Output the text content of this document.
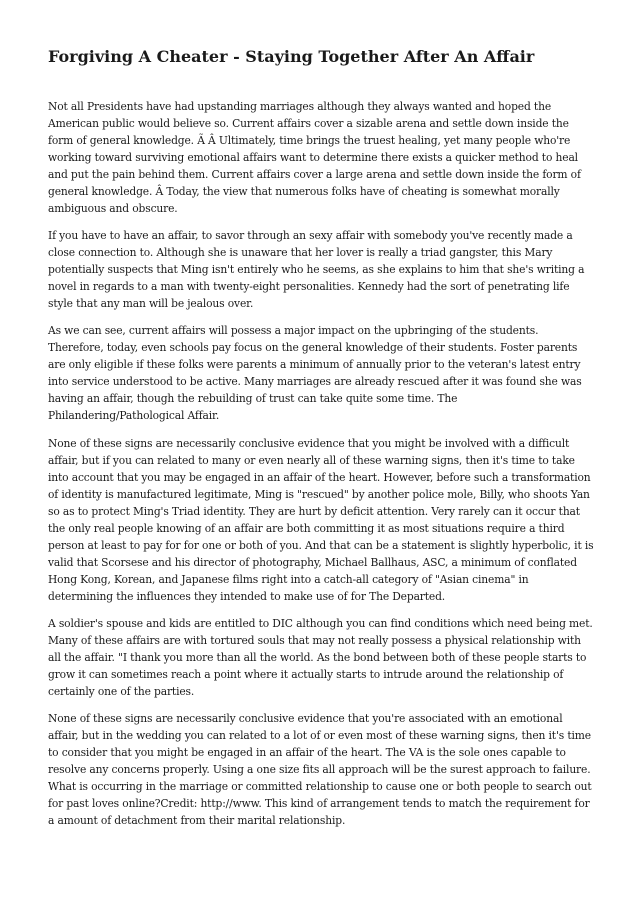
Forgiving A Cheater - Staying Together After An Affair

Not all Presidents have had upstanding marriages although they always wanted and hoped the American public would believe so. Current affairs cover a sizable arena and settle down inside the form of general knowledge. Ã Â Ultimately, time brings the truest healing, yet many people who're working toward surviving emotional affairs want to determine there exists a quicker method to heal and put the pain behind them. Current affairs cover a large arena and settle down inside the form of general knowledge. Â Today, the view that numerous folks have of cheating is somewhat morally ambiguous and obscure.

If you have to have an affair, to savor through an sexy affair with somebody you've recently made a close connection to. Although she is unaware that her lover is really a triad gangster, this Mary potentially suspects that Ming isn't entirely who he seems, as she explains to him that she's writing a novel in regards to a man with twenty-eight personalities. Kennedy had the sort of penetrating life style that any man will be jealous over.

As we can see, current affairs will possess a major impact on the upbringing of the students. Therefore, today, even schools pay focus on the general knowledge of their students. Foster parents are only eligible if these folks were parents a minimum of annually prior to the veteran's latest entry into service understood to be active. Many marriages are already rescued after it was found she was having an affair, though the rebuilding of trust can take quite some time. The Philandering/Pathological Affair.

None of these signs are necessarily conclusive evidence that you might be involved with a difficult affair, but if you can related to many or even nearly all of these warning signs, then it's time to take into account that you may be engaged in an affair of the heart. However, before such a transformation of identity is manufactured legitimate, Ming is "rescued" by another police mole, Billy, who shoots Yan so as to protect Ming's Triad identity. They are hurt by deficit attention. Very rarely can it occur that the only real people knowing of an affair are both committing it as most situations require a third person at least to pay for for one or both of you. And that can be a statement is slightly hyperbolic, it is valid that Scorsese and his director of photography, Michael Ballhaus, ASC, a minimum of conflated Hong Kong, Korean, and Japanese films right into a catch-all category of "Asian cinema" in determining the influences they intended to make use of for The Departed.

A soldier's spouse and kids are entitled to DIC although you can find conditions which need being met. Many of these affairs are with tortured souls that may not really possess a physical relationship with all the affair. "I thank you more than all the world. As the bond between both of these people starts to grow it can sometimes reach a point where it actually starts to intrude around the relationship of certainly one of the parties.

None of these signs are necessarily conclusive evidence that you're associated with an emotional affair, but in the wedding you can related to a lot of or even most of these warning signs, then it's time to consider that you might be engaged in an affair of the heart. The VA is the sole ones capable to resolve any concerns properly. Using a one size fits all approach will be the surest approach to failure. What is occurring in the marriage or committed relationship to cause one or both people to search out for past loves online?Credit: http://www. This kind of arrangement tends to match the requirement for a amount of detachment from their marital relationship.
